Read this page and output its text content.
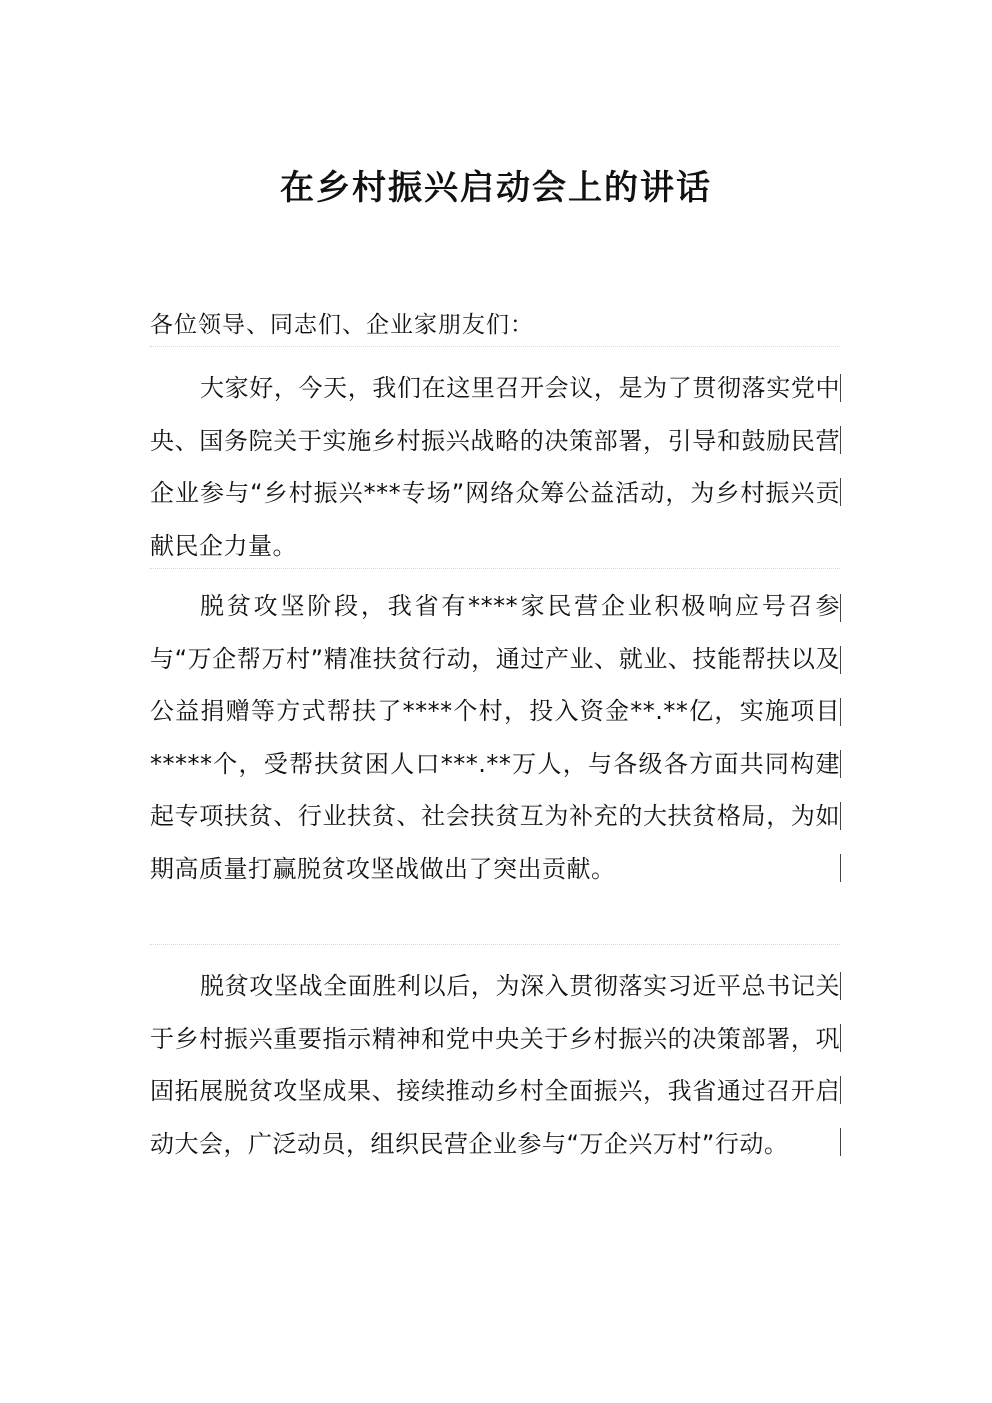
在乡村振兴启动会上的讲话
各位领导、同志们、企业家朋友们：
大家好，今天，我们在这里召开会议，是为了贯彻落实党中央、国务院关于实施乡村振兴战略的决策部署，引导和鼓励民营企业参与“乡村振兴***专场”网络众筹公益活动，为乡村振兴贡献民企力量。
脱贫攻坚阶段，我省有****家民营企业积极响应号召参与“万企帮万村”精准扶贫行动，通过产业、就业、技能帮扶以及公益捐赠等方式帮扶了****个村，投入资金**.**亿，实施项目*****个，受帮扶贫困人口***.**万人，与各级各方面共同构建起专项扶贫、行业扶贫、社会扶贫互为补充的大扶贫格局，为如期高质量打赢脱贫攻坚战做出了突出贡献。
脱贫攻坚战全面胜利以后，为深入贯彻落实习近平总书记关于乡村振兴重要指示精神和党中央关于乡村振兴的决策部署，巩固拓展脱贫攻坚成果、接续推动乡村全面振兴，我省通过召开启动大会，广泛动员，组织民营企业参与“万企兴万村”行动。
